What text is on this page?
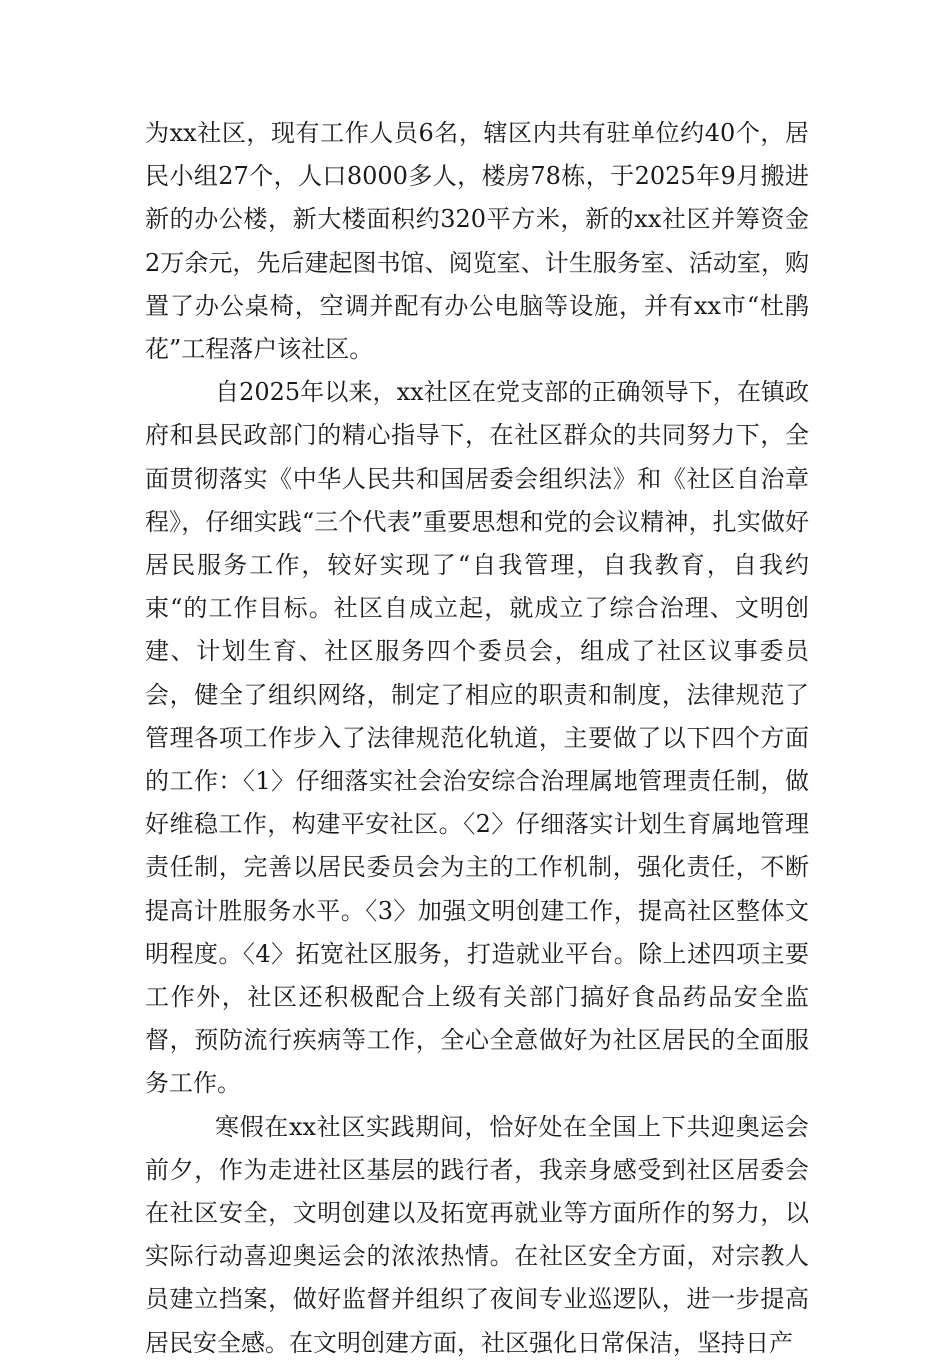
为xx社区，现有工作人员6名，辖区内共有驻单位约40个，居民小组27个，人口8000多人，楼房78栋，于2025年9月搬进新的办公楼，新大楼面积约320平方米，新的xx社区并筹资金2万余元，先后建起图书馆、阅览室、计生服务室、活动室，购置了办公桌椅，空调并配有办公电脑等设施，并有xx市“杜鹃花”工程落户该社区。

自2025年以来，xx社区在党支部的正确领导下，在镇政府和县民政部门的精心指导下，在社区群众的共同努力下，全面贯彻落实《中华人民共和国居委会组织法》和《社区自治章程》，仔细实践“三个代表”重要思想和党的会议精神，扎实做好居民服务工作，较好实现了“自我管理，自我教育，自我约束“的工作目标。社区自成立起，就成立了综合治理、文明创建、计划生育、社区服务四个委员会，组成了社区议事委员会，健全了组织网络，制定了相应的职责和制度，法律规范了管理各项工作步入了法律规范化轨道，主要做了以下四个方面的工作：〈1〉仔细落实社会治安综合治理属地管理责任制，做好维稳工作，构建平安社区。〈2〉仔细落实计划生育属地管理责任制，完善以居民委员会为主的工作机制，强化责任，不断提高计胜服务水平。〈3〉加强文明创建工作，提高社区整体文明程度。〈4〉拓宽社区服务，打造就业平台。除上述四项主要工作外，社区还积极配合上级有关部门搞好食品药品安全监督，预防流行疾病等工作，全心全意做好为社区居民的全面服务工作。

寒假在xx社区实践期间，恰好处在全国上下共迎奥运会前夕，作为走进社区基层的践行者，我亲身感受到社区居委会在社区安全，文明创建以及拓宽再就业等方面所作的努力，以实际行动喜迎奥运会的浓浓热情。在社区安全方面，对宗教人员建立挡案，做好监督并组织了夜间专业巡逻队，进一步提高居民安全感。在文明创建方面，社区强化日常保洁，坚持日产
